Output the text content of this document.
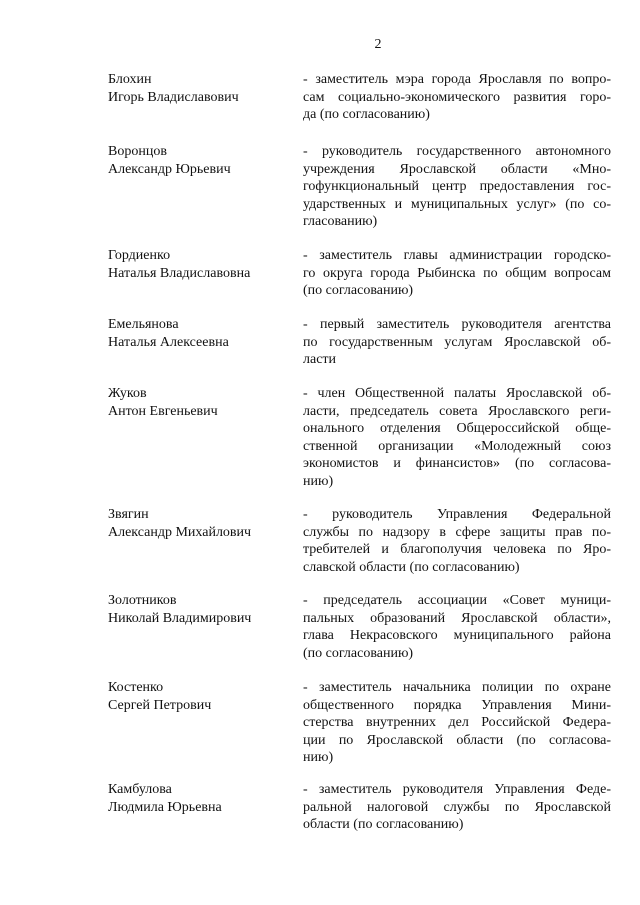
2
Блохин
Игорь Владиславович
- заместитель мэра города Ярославля по вопро-
сам социально-экономического развития горо-
да (по согласованию)
Воронцов
Александр Юрьевич
- руководитель государственного автономного
учреждения Ярославской области «Мно-
гофункциональный центр предоставления гос-
ударственных и муниципальных услуг» (по со-
гласованию)
Гордиенко
Наталья Владиславовна
- заместитель главы администрации городско-
го округа города Рыбинска по общим вопросам
(по согласованию)
Емельянова
Наталья Алексеевна
- первый заместитель руководителя агентства
по государственным услугам Ярославской об-
ласти
Жуков
Антон Евгеньевич
- член Общественной палаты Ярославской об-
ласти, председатель совета Ярославского реги-
онального отделения Общероссийской обще-
ственной организации «Молодежный союз
экономистов и финансистов» (по согласова-
нию)
Звягин
Александр Михайлович
- руководитель Управления Федеральной
службы по надзору в сфере защиты прав по-
требителей и благополучия человека по Яро-
славской области (по согласованию)
Золотников
Николай Владимирович
- председатель ассоциации «Совет муници-
пальных образований Ярославской области»,
глава Некрасовского муниципального района
(по согласованию)
Костенко
Сергей Петрович
- заместитель начальника полиции по охране
общественного порядка Управления Мини-
стерства внутренних дел Российской Федера-
ции по Ярославской области (по согласова-
нию)
Камбулова
Людмила Юрьевна
- заместитель руководителя Управления Феде-
ральной налоговой службы по Ярославской
области (по согласованию)
